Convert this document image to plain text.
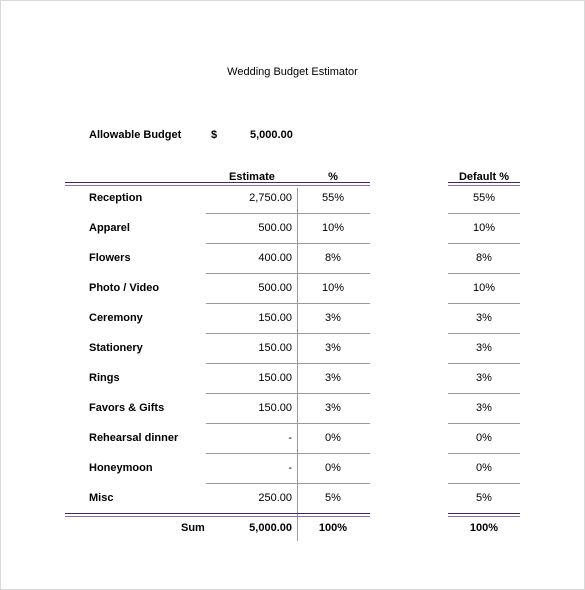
Wedding Budget Estimator
Allowable Budget	$	5,000.00
Estimate	%	Default %
Reception	2,750.00	55%	55%
Apparel	500.00	10%	10%
Flowers	400.00	8%	8%
Photo / Video	500.00	10%	10%
Ceremony	150.00	3%	3%
Stationery	150.00	3%	3%
Rings	150.00	3%	3%
Favors & Gifts	150.00	3%	3%
Rehearsal dinner	-	0%	0%
Honeymoon	-	0%	0%
Misc	250.00	5%	5%
Sum	5,000.00	100%	100%
